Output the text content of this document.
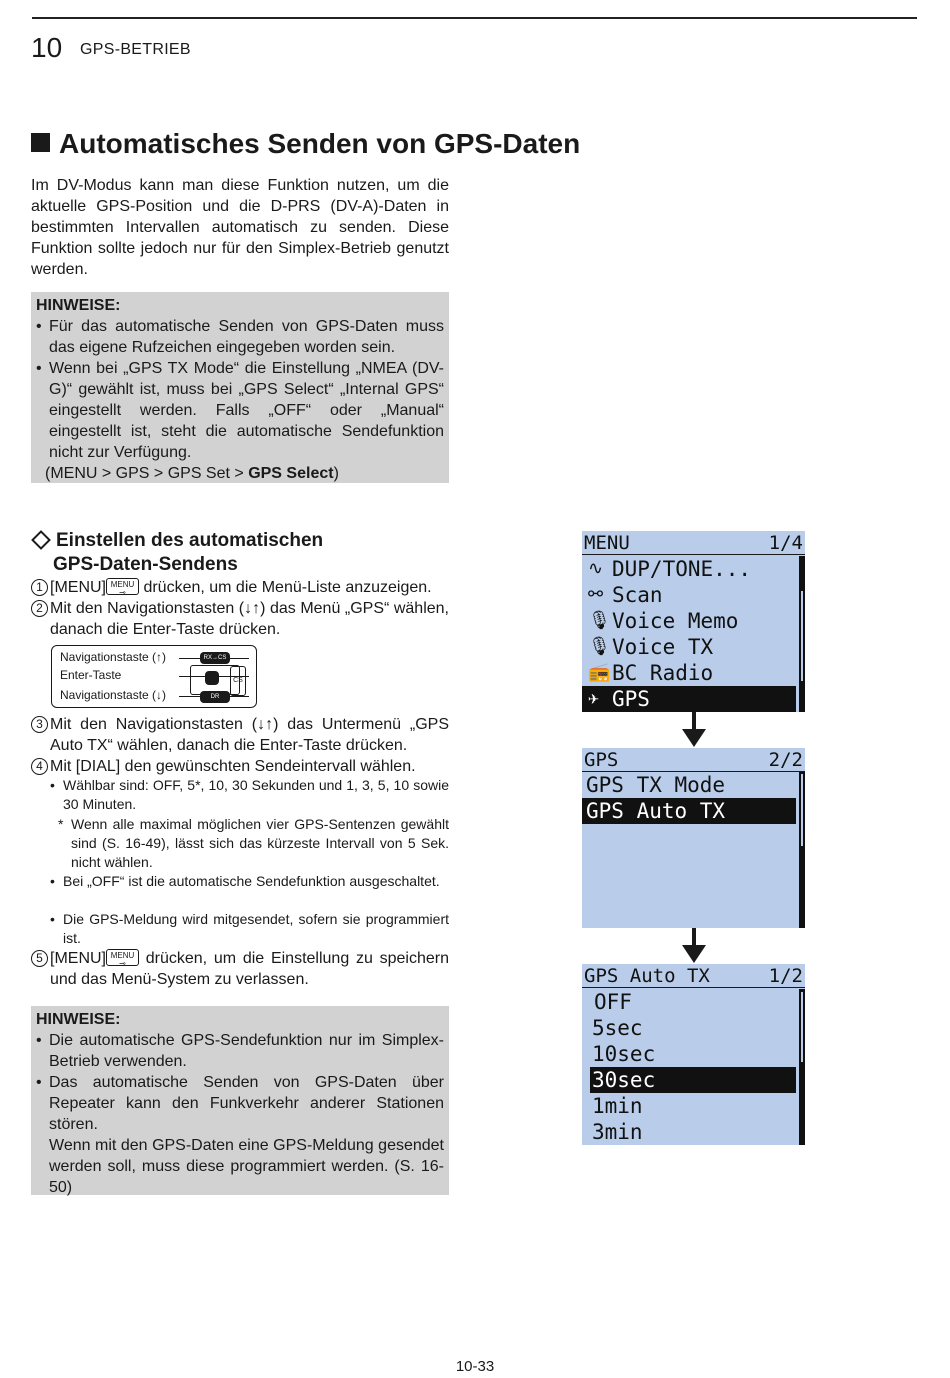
10 GPS-BETRIEB
Automatisches Senden von GPS-Daten
Im DV-Modus kann man diese Funktion nutzen, um die aktuelle GPS-Position und die D-PRS (DV-A)-Daten in bestimmten Intervallen automatisch zu senden. Diese Funktion sollte jedoch nur für den Simplex-Betrieb genutzt werden.
HINWEISE:
• Für das automatische Senden von GPS-Daten muss das eigene Rufzeichen eingegeben worden sein.
• Wenn bei „GPS TX Mode“ die Einstellung „NMEA (DV-G)“ gewählt ist, muss bei „GPS Select“ „Internal GPS“ eingestellt werden. Falls „OFF“ oder „Manual“ eingestellt ist, steht die automatische Sendefunktion nicht zur Verfügung.
(MENU > GPS > GPS Set > GPS Select)
Einstellen des automatischen
GPS-Daten-Sendens
1 [MENU] MENU
⊸ drücken, um die Menü-Liste anzuzeigen.
2 Mit den Navigationstasten (↓↑) das Menü „GPS“ wählen, danach die Enter-Taste drücken.
Navigationstaste (↑)
Enter-Taste
Navigationstaste (↓)
RX→CS
DR
CS
3 Mit den Navigationstasten (↓↑) das Untermenü „GPS Auto TX“ wählen, danach die Enter-Taste drücken.
4 Mit [DIAL] den gewünschten Sendeintervall wählen.
• Wählbar sind: OFF, 5*, 10, 30 Sekunden und 1, 3, 5, 10 sowie 30 Minuten.
* Wenn alle maximal möglichen vier GPS-Sentenzen gewählt sind (S. 16-49), lässt sich das kürzeste Intervall von 5 Sek. nicht wählen.
• Bei „OFF“ ist die automatische Sendefunktion ausgeschaltet.
• Die GPS-Meldung wird mitgesendet, sofern sie programmiert ist.
5 [MENU] MENU
⊸ drücken, um die Einstellung zu speichern und das Menü-System zu verlassen.
HINWEISE:
• Die automatische GPS-Sendefunktion nur im Simplex-Betrieb verwenden.
• Das automatische Senden von GPS-Daten über Repeater kann den Funkverkehr anderer Stationen stören.
Wenn mit den GPS-Daten eine GPS-Meldung gesendet werden soll, muss diese programmiert werden. (S. 16-50)
MENU	1/4
∿ DUP/TONE...
⚯ Scan
🎙 Voice Memo
🎙 Voice TX
📻 BC Radio
✈ GPS
GPS	2/2
GPS TX Mode
GPS Auto TX
GPS Auto TX	1/2
OFF
5sec
10sec
30sec
1min
3min
10-33
